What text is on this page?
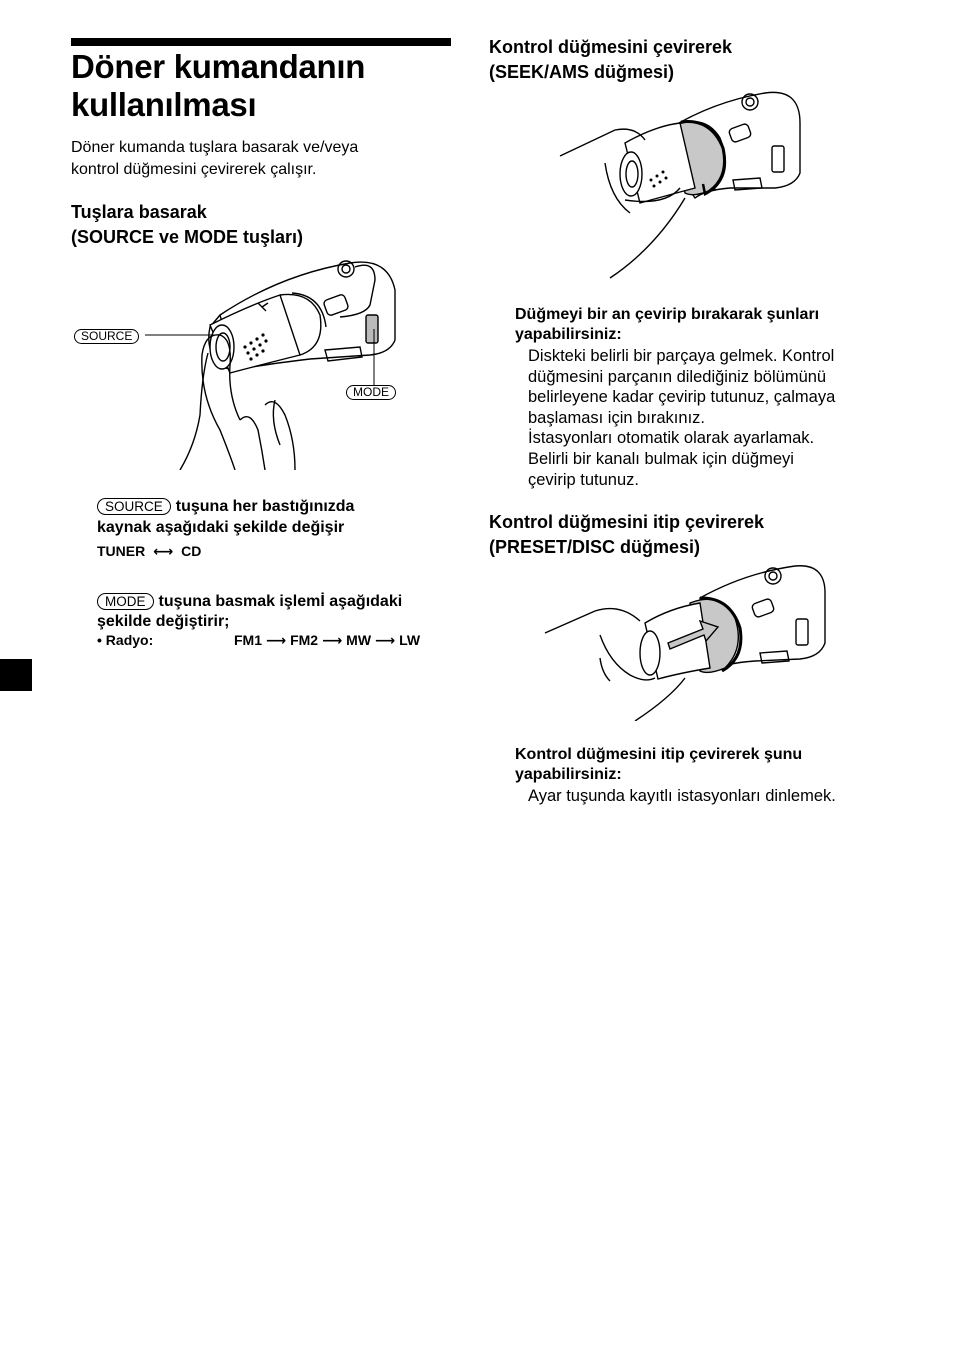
Döner kumandanın
kullanılması
Döner kumanda tuşlara basarak ve/veya
kontrol düğmesini çevirerek çalışır.
Tuşlara basarak
(SOURCE ve MODE tuşları)
SOURCE
MODE
SOURCE tuşuna her bastığınızda
kaynak aşağıdaki şekilde değişir
TUNER ⟷ CD
MODE tuşuna basmak işlemİ aşağıdaki
şekilde değiştirir;
• Radyo:	FM1 ⟶ FM2 ⟶ MW ⟶ LW
Kontrol düğmesini çevirerek
(SEEK/AMS düğmesi)
Düğmeyi bir an çevirip bırakarak şunları
yapabilirsiniz:
Diskteki belirli bir parçaya gelmek. Kontrol
düğmesini parçanın dilediğiniz bölümünü
belirleyene kadar çevirip tutunuz, çalmaya
başlaması için bırakınız.
İstasyonları otomatik olarak ayarlamak.
Belirli bir kanalı bulmak için düğmeyi
çevirip tutunuz.
Kontrol düğmesini itip çevirerek
(PRESET/DISC düğmesi)
Kontrol düğmesini itip çevirerek şunu
yapabilirsiniz:
Ayar tuşunda kayıtlı istasyonları dinlemek.
